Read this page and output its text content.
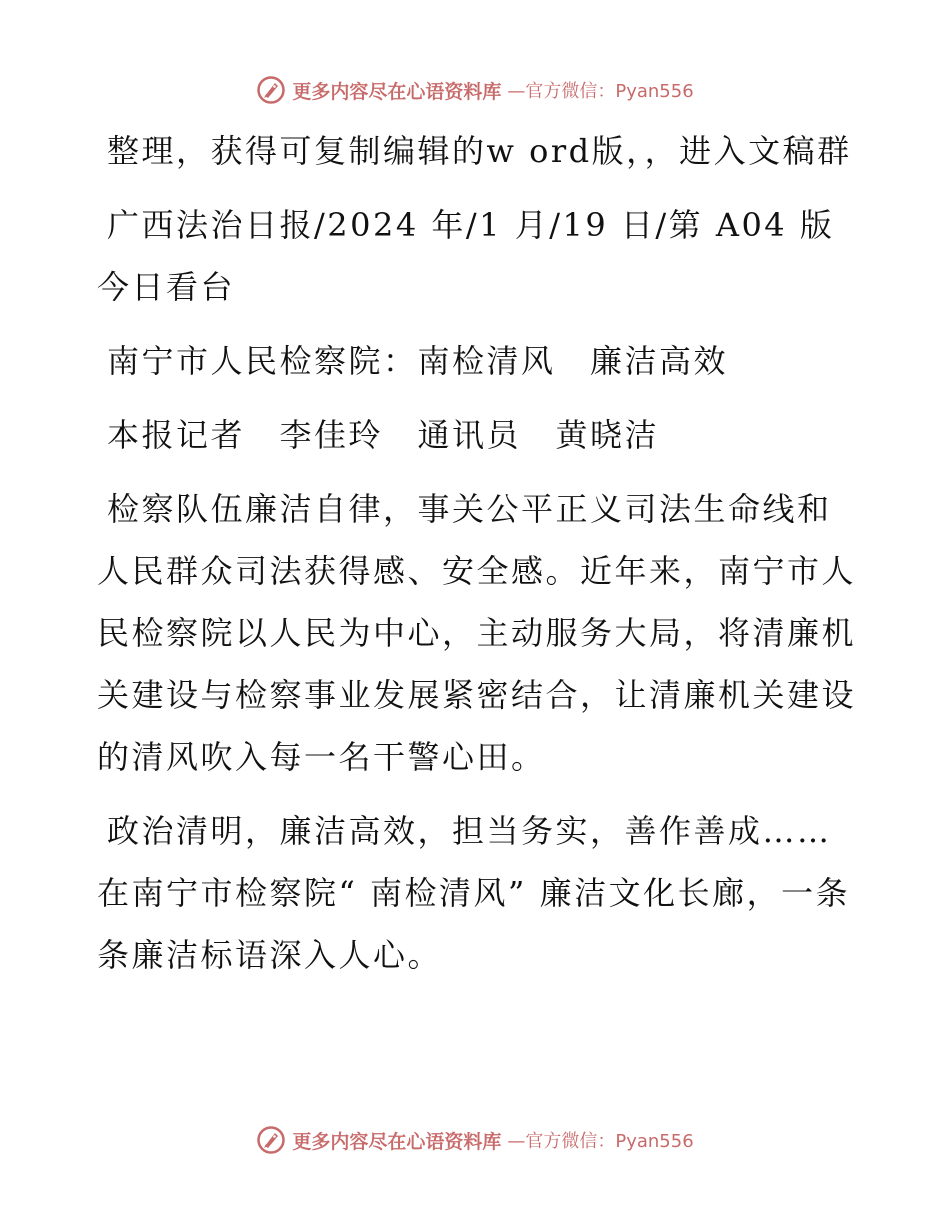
更多内容尽在心语资料库 —官方微信：Pyan556

整理，获得可复制编辑的w ord版，，进入文稿群

广西法治日报/2024 年/1 月/19 日/第 A04 版今日看台

南宁市人民检察院：南检清风　廉洁高效

本报记者　李佳玲　通讯员　黄晓洁

检察队伍廉洁自律，事关公平正义司法生命线和人民群众司法获得感、安全感。近年来，南宁市人民检察院以人民为中心，主动服务大局，将清廉机关建设与检察事业发展紧密结合，让清廉机关建设的清风吹入每一名干警心田。

政治清明，廉洁高效，担当务实，善作善成……在南宁市检察院“ 南检清风” 廉洁文化长廊，一条条廉洁标语深入人心。

更多内容尽在心语资料库 —官方微信：Pyan556
